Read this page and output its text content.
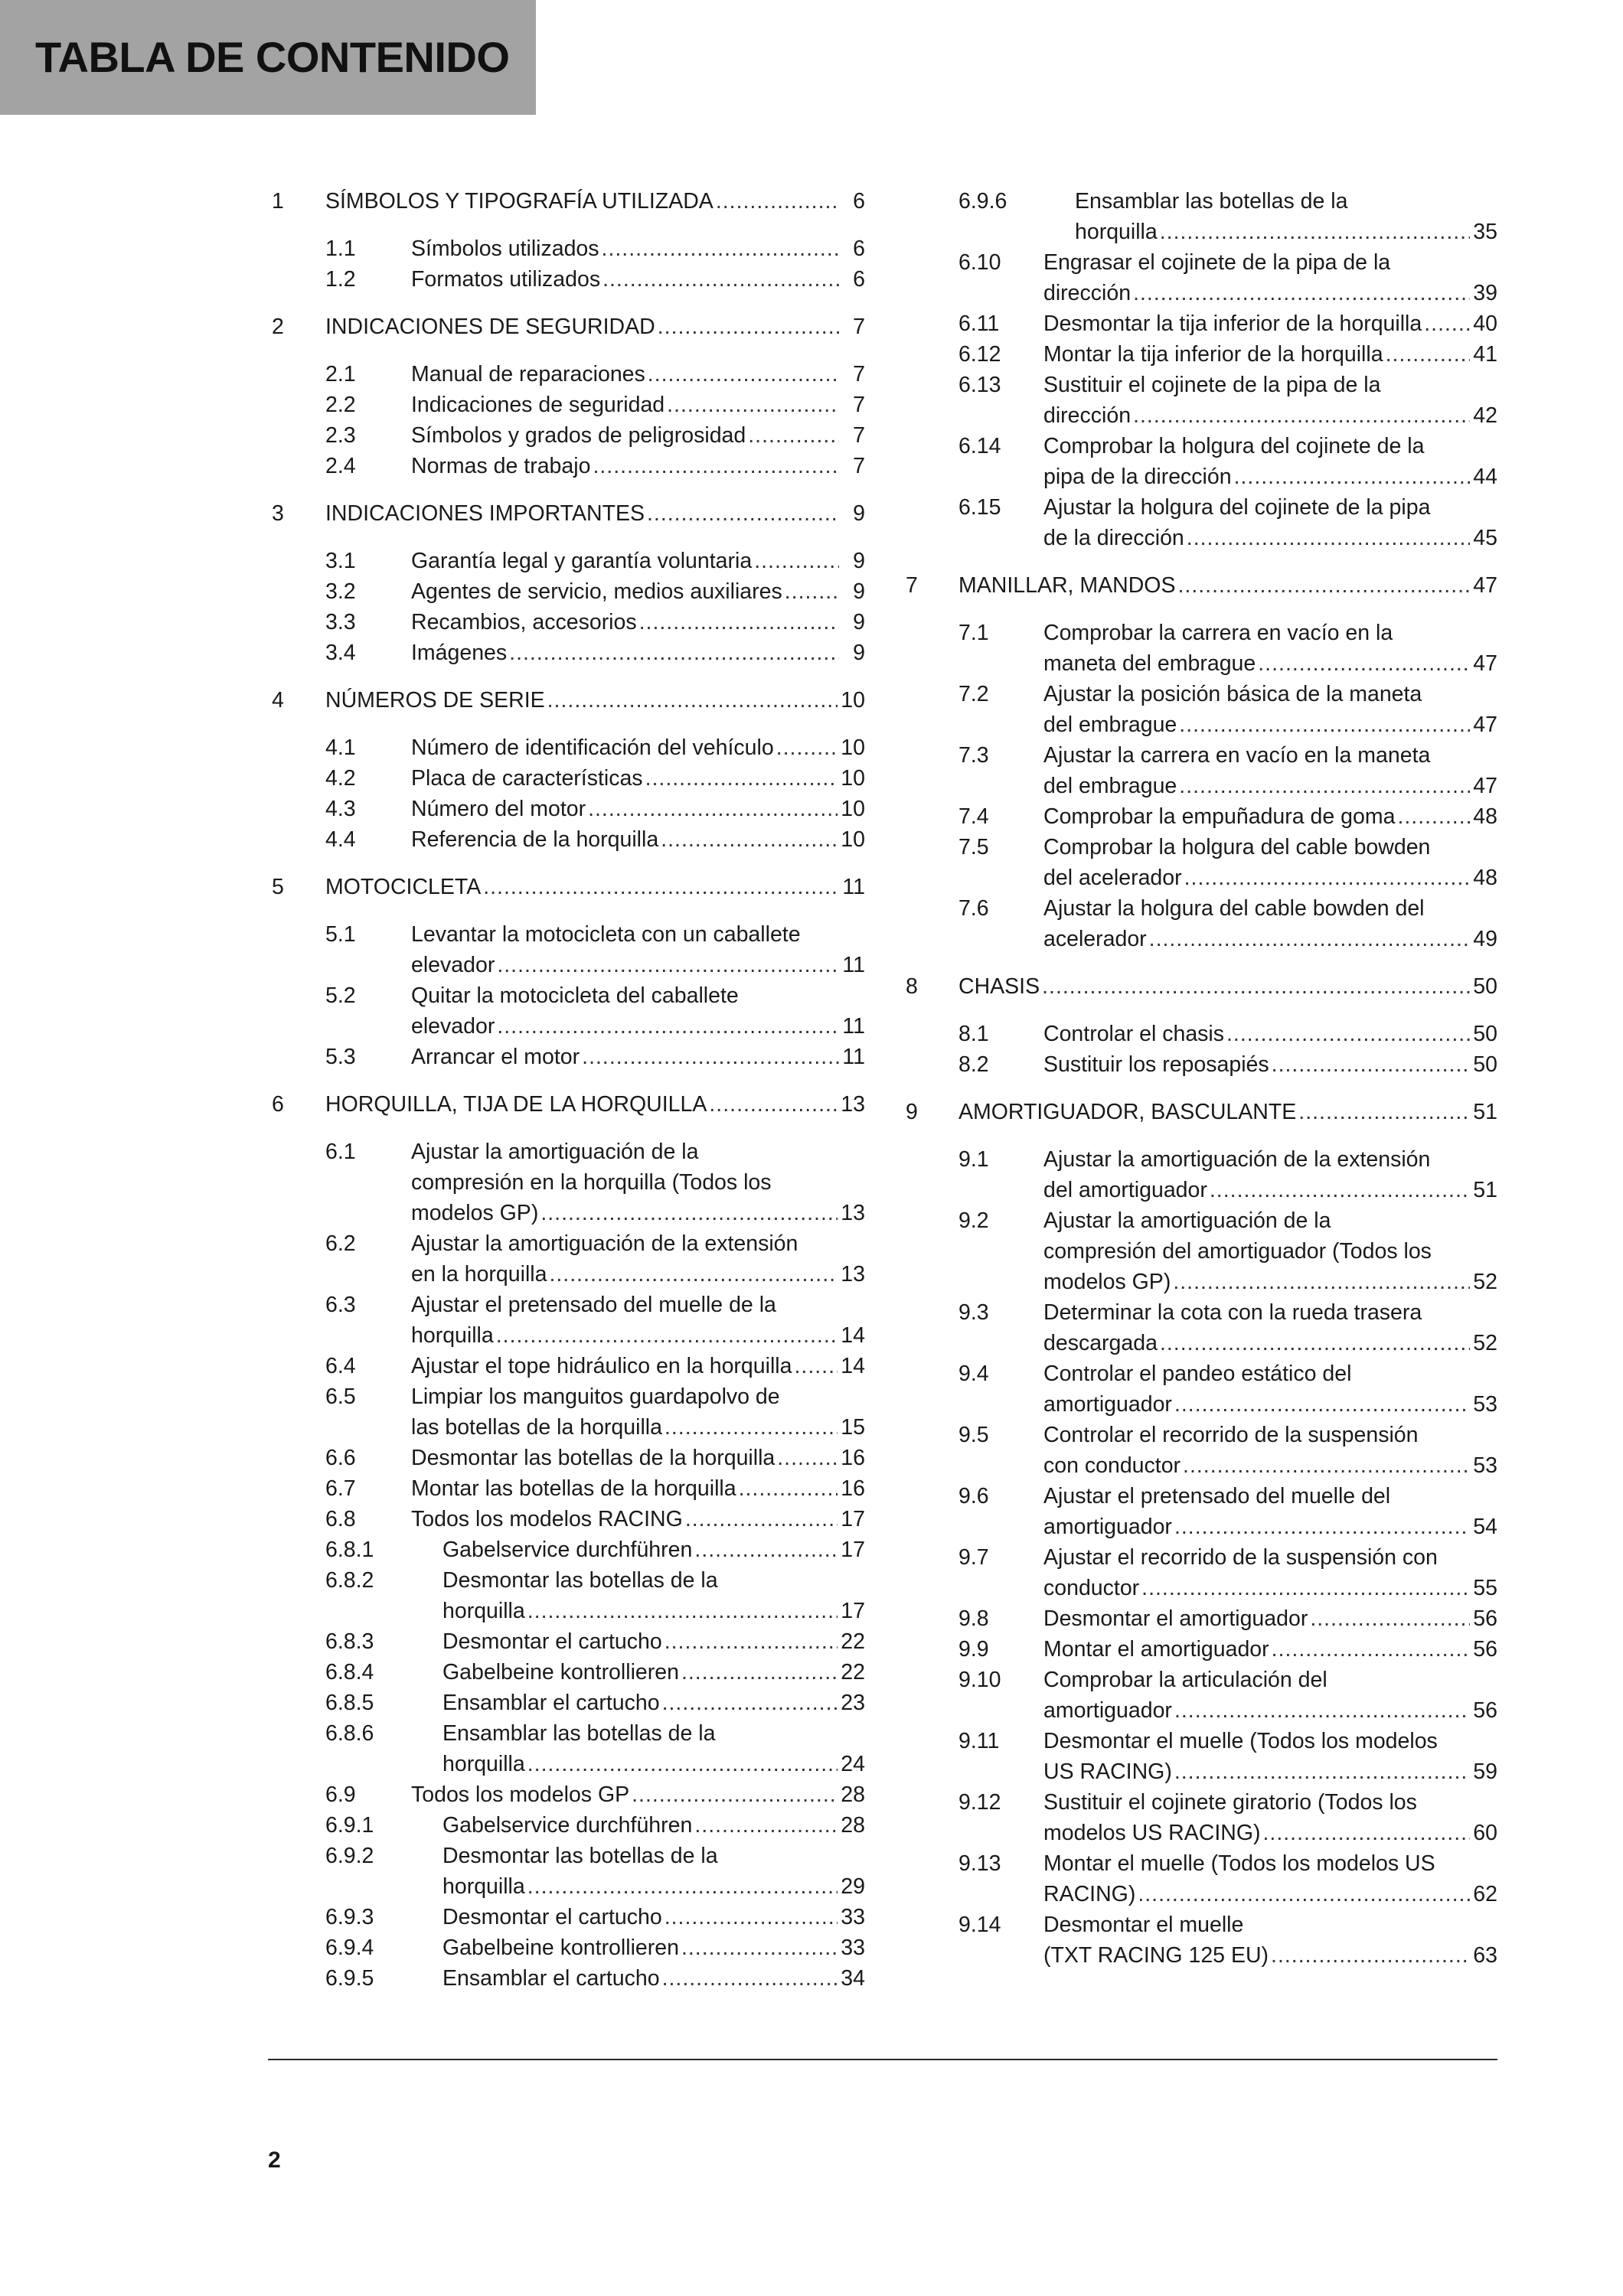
TABLA DE CONTENIDO
1 SÍMBOLOS Y TIPOGRAFÍA UTILIZADA .....	6
1.1	Símbolos utilizados .....	6
1.2	Formatos utilizados .....	6
2 INDICACIONES DE SEGURIDAD .....	7
2.1	Manual de reparaciones .....	7
2.2	Indicaciones de seguridad .....	7
2.3	Símbolos y grados de peligrosidad .....	7
2.4	Normas de trabajo .....	7
3 INDICACIONES IMPORTANTES .....	9
3.1	Garantía legal y garantía voluntaria .....	9
3.2	Agentes de servicio, medios auxiliares .....	9
3.3	Recambios, accesorios .....	9
3.4	Imágenes .....	9
4 NÚMEROS DE SERIE .....	10
4.1	Número de identificación del vehículo .....	10
4.2	Placa de características .....	10
4.3	Número del motor .....	10
4.4	Referencia de la horquilla .....	10
5 MOTOCICLETA .....	11
5.1	Levantar la motocicleta con un caballete
elevador .....	11
5.2	Quitar la motocicleta del caballete
elevador .....	11
5.3	Arrancar el motor .....	11
6 HORQUILLA, TIJA DE LA HORQUILLA .....	13
6.1	Ajustar la amortiguación de la
compresión en la horquilla (Todos los
modelos GP) .....	13
6.2	Ajustar la amortiguación de la extensión
en la horquilla .....	13
6.3	Ajustar el pretensado del muelle de la
horquilla .....	14
6.4	Ajustar el tope hidráulico en la horquilla ..... 14
6.5	Limpiar los manguitos guardapolvo de
las botellas de la horquilla .....	15
6.6	Desmontar las botellas de la horquilla .....	16
6.7	Montar las botellas de la horquilla .....	16
6.8	Todos los modelos RACING .....	17
6.8.1	Gabelservice durchführen .....	17
6.8.2	Desmontar las botellas de la
horquilla .....	17
6.8.3	Desmontar el cartucho .....	22
6.8.4	Gabelbeine kontrollieren .....	22
6.8.5	Ensamblar el cartucho .....	23
6.8.6	Ensamblar las botellas de la
horquilla .....	24
6.9	Todos los modelos GP .....	28
6.9.1	Gabelservice durchführen .....	28
6.9.2	Desmontar las botellas de la
horquilla .....	29
6.9.3	Desmontar el cartucho .....	33
6.9.4	Gabelbeine kontrollieren .....	33
6.9.5	Ensamblar el cartucho .....	34
6.9.6	Ensamblar las botellas de la
horquilla .....	35
6.10 Engrasar el cojinete de la pipa de la
dirección .....	39
6.11 Desmontar la tija inferior de la horquilla ..... 40
6.12 Montar la tija inferior de la horquilla .....	41
6.13 Sustituir el cojinete de la pipa de la
dirección .....	42
6.14 Comprobar la holgura del cojinete de la
pipa de la dirección .....	44
6.15 Ajustar la holgura del cojinete de la pipa
de la dirección .....	45
7 MANILLAR, MANDOS .....	47
7.1	Comprobar la carrera en vacío en la
maneta del embrague .....	47
7.2	Ajustar la posición básica de la maneta
del embrague .....	47
7.3	Ajustar la carrera en vacío en la maneta
del embrague .....	47
7.4	Comprobar la empuñadura de goma .....	48
7.5	Comprobar la holgura del cable bowden
del acelerador .....	48
7.6	Ajustar la holgura del cable bowden del
acelerador .....	49
8 CHASIS .....	50
8.1	Controlar el chasis .....	50
8.2	Sustituir los reposapiés .....	50
9 AMORTIGUADOR, BASCULANTE .....	51
9.1	Ajustar la amortiguación de la extensión
del amortiguador .....	51
9.2	Ajustar la amortiguación de la
compresión del amortiguador (Todos los
modelos GP) .....	52
9.3	Determinar la cota con la rueda trasera
descargada .....	52
9.4	Controlar el pandeo estático del
amortiguador .....	53
9.5	Controlar el recorrido de la suspensión
con conductor .....	53
9.6	Ajustar el pretensado del muelle del
amortiguador .....	54
9.7	Ajustar el recorrido de la suspensión con
conductor .....	55
9.8	Desmontar el amortiguador .....	56
9.9	Montar el amortiguador .....	56
9.10 Comprobar la articulación del
amortiguador .....	56
9.11 Desmontar el muelle (Todos los modelos
US RACING) .....	59
9.12 Sustituir el cojinete giratorio (Todos los
modelos US RACING) .....	60
9.13 Montar el muelle (Todos los modelos US
RACING) .....	62
9.14 Desmontar el muelle
(TXT RACING 125 EU) .....	63
2
